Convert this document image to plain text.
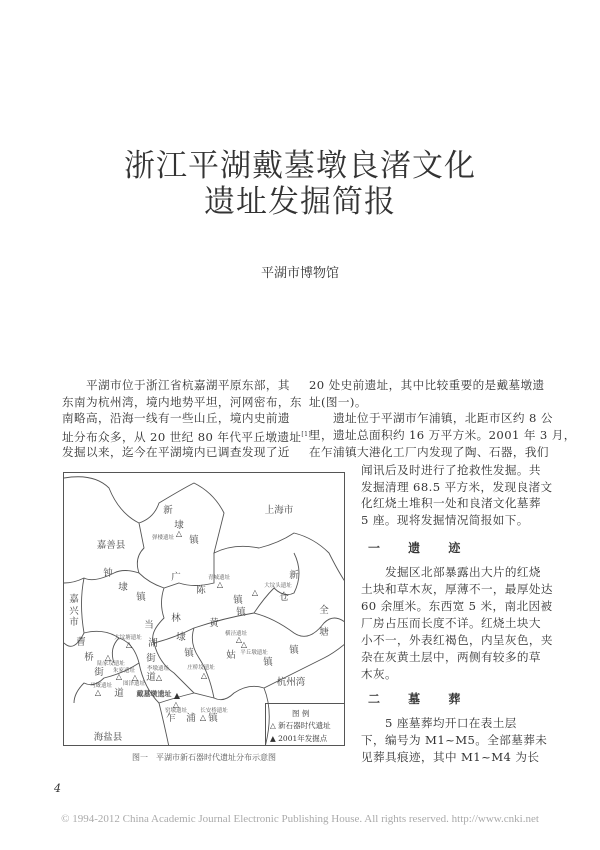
浙江平湖戴墓墩良渚文化
遗址发掘简报
平湖市博物馆
　　平湖市位于浙江省杭嘉湖平原东部，其
东南为杭州湾，境内地势平坦，河网密布，东
南略高，沿海一线有一些山丘，境内史前遗
址分布众多，从 20 世纪 80 年代平丘墩遗址[1]
发掘以来，迄今在平湖境内已调查发现了近
20 处史前遗址，其中比较重要的是戴墓墩遗
址(图一)。
　　遗址位于平湖市乍浦镇，北距市区约 8 公
里，遗址总面积约 16 万平方米。2001 年 3 月，
在乍浦镇大港化工厂内发现了陶、石器，我们
闻讯后及时进行了抢救性发掘。共
发掘清理 68.5 平方米，发现良渚文
化红烧土堆积一处和良渚文化墓葬
5 座。现将发掘情况简报如下。
　　发掘区北部暴露出大片的红烧
土块和草木灰，厚薄不一，最厚处达
60 余厘米。东西宽 5 米，南北因被
厂房占压而长度不详。红烧土块大
小不一，外表红褐色，内呈灰色，夹
杂在灰黄土层中，两侧有较多的草
木灰。
　　5 座墓葬均开口在表土层
下，编号为 M1~M5。全部墓葬未
见葬具痕迹，其中 M1~M4 为长
一 遗 迹
二 墓 葬
新
埭
镇
上海市
嘉善县
钟
埭
镇
嘉
兴
市
广
陈
镇
新
仓
镇	全
塘
林
埭
镇
黄
姑
镇
当
湖
街
道
曹
桥
街
道
乍 浦 镇
杭州湾
海盐县
镇
弹楼遗址 △
青城遗址
△	大坟头遗址
△
大坟塘遗址
△
横泾遗址
△
平丘墩遗址
△
陆家坟遗址
△
朱家遗址
△
李墩遗址
△
庄桥坟遗址
△
马厩遗址
△
图泽遗址
△
窑墩遗址
△
长安桥遗址
△
戴墓墩遗址 ▲
图 例
△ 新石器时代遗址
▲ 2001年发掘点
图一　平湖市新石器时代遗址分布示意图
4
© 1994-2012 China Academic Journal Electronic Publishing House. All rights reserved. http://www.cnki.net
